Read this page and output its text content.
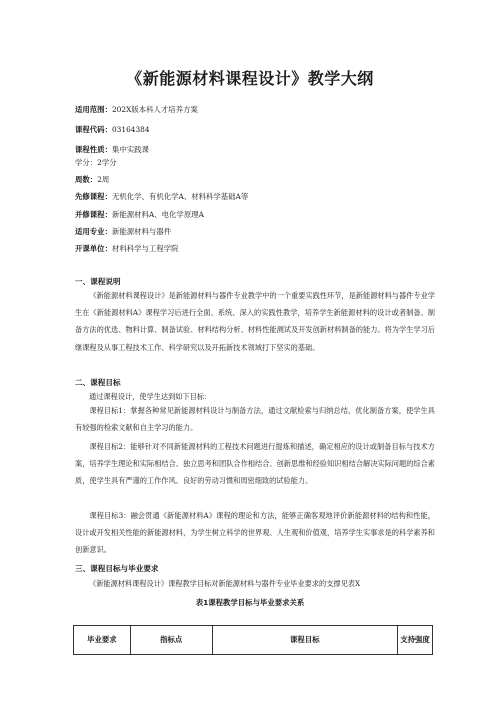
《新能源材料课程设计》教学大纲
适用范围：202X版本科人才培养方案
课程代码：03164384
课程性质：集中实践课
学分：2学分
周数：2周
先修课程：无机化学、有机化学A、材料科学基础A等
并修课程：新能源材料A、电化学原理A
适用专业：新能源材料与器件
开课单位：材料科学与工程学院
一、课程说明
《新能源材料课程设计》是新能源材料与器件专业教学中的一个重要实践性环节，是新能源材料与器件专业学生在《新能源材料A》课程学习后进行全面、系统、深入的实践性教学，培养学生新能源材料的设计或者制备、制备方法的优选、物料计算、制备试验、材料结构分析、材料性能测试及开发创新材料制备的能力。将为学生学习后继课程及从事工程技术工作、科学研究以及开拓新技术领域打下坚实的基础。
二、课程目标
通过课程设计，使学生达到如下目标：
课程目标1：掌握各种常见新能源材料设计与制备方法，通过文献检索与归纳总结，优化制备方案，使学生具有较强的检索文献和自主学习的能力。
课程目标2：能够针对不同新能源材料的工程技术问题进行提炼和描述，确定相应的设计或制备目标与技术方案，培养学生理论和实际相结合、独立思考和团队合作相结合、创新思维和经验知识相结合解决实际问题的综合素质，使学生具有严谨的工作作风、良好的劳动习惯和周密细致的试验能力。
课程目标3：融会贯通《新能源材料A》课程的理论和方法，能够正确客观地评价新能源材料的结构和性能，设计或开发相关性能的新能源材料，为学生树立科学的世界观、人生观和价值观，培养学生实事求是的科学素养和创新意识。
三、课程目标与毕业要求
《新能源材料课程设计》课程教学目标对新能源材料与器件专业毕业要求的支撑见表X
表1课程教学目标与毕业要求关系
毕业要求	指标点	课程目标	支持强度
